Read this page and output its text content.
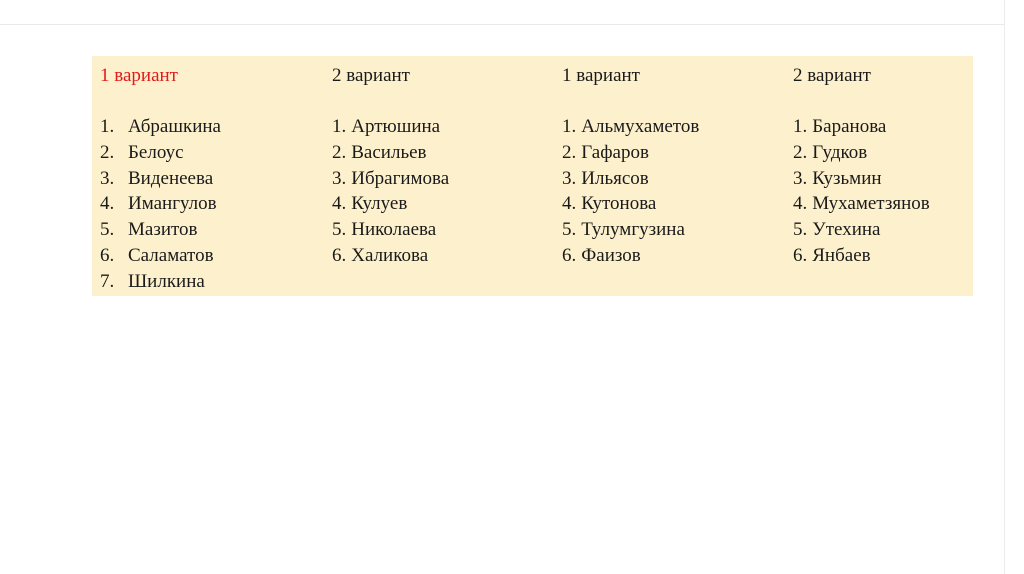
1 вариант
1. Абрашкина
2. Белоус
3. Виденеева
4. Имангулов
5. Мазитов
6. Саламатов
7. Шилкина
2 вариант
1. Артюшина
2. Васильев
3. Ибрагимова
4. Кулуев
5. Николаева
6. Халикова
1 вариант
1. Альмухаметов
2. Гафаров
3. Ильясов
4. Кутонова
5. Тулумгузина
6. Фаизов
2 вариант
1. Баранова
2. Гудков
3. Кузьмин
4. Мухаметзянов
5. Утехина
6. Янбаев
